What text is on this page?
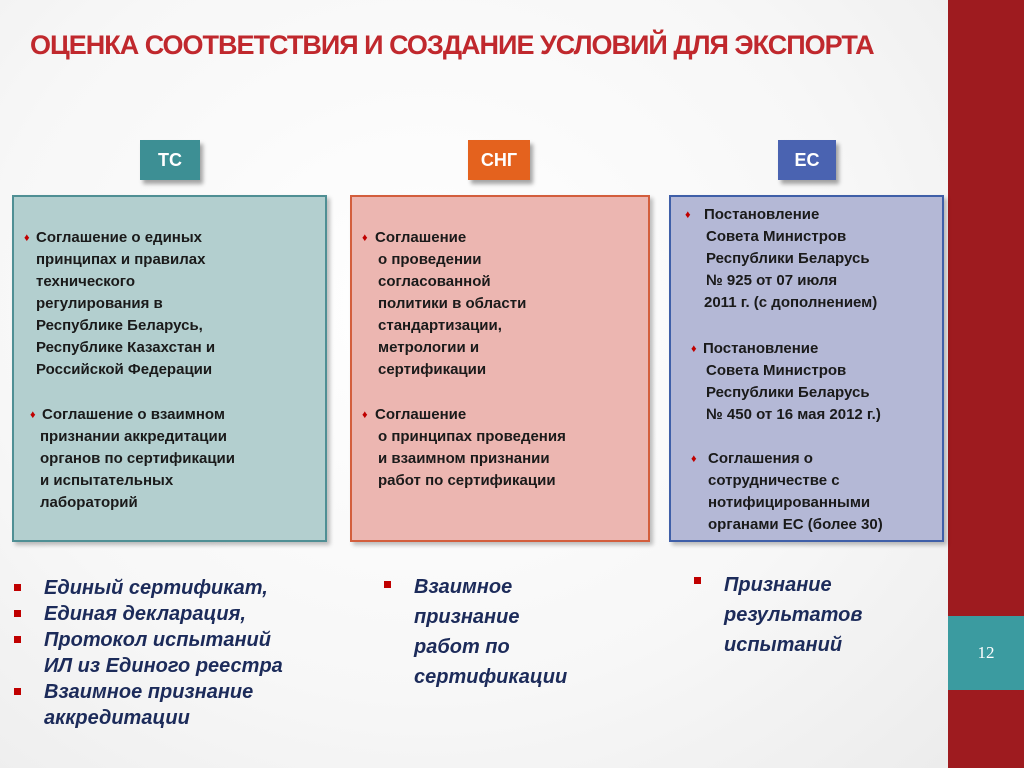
12
ОЦЕНКА СООТВЕТСТВИЯ И СОЗДАНИЕ УСЛОВИЙ ДЛЯ ЭКСПОРТА
ТС	СНГ	ЕС
♦ Соглашение о единых
принципах и правилах
технического
регулирования в
Республике Беларусь,
Республике Казахстан и
Российской Федерации
♦ Соглашение о взаимном
признании аккредитации
органов по сертификации
и испытательных
лабораторий
♦ Соглашение
о проведении
согласованной
политики в области
стандартизации,
метрологии и
сертификации
♦ Соглашение
о принципах проведения
и взаимном признании
работ по сертификации
♦ Постановление
Совета Министров
Республики Беларусь
№ 925 от 07 июля
2011 г. (с дополнением)
♦ Постановление
Совета Министров
Республики Беларусь
№ 450 от 16 мая 2012 г.)
♦ Соглашения о
сотрудничестве с
нотифицированными
органами ЕС (более 30)
Единый сертификат,
Единая декларация,
Протокол испытаний
ИЛ из Единого реестра
Взаимное признание
аккредитации
Взаимное
признание
работ по
сертификации
Признание
результатов
испытаний
